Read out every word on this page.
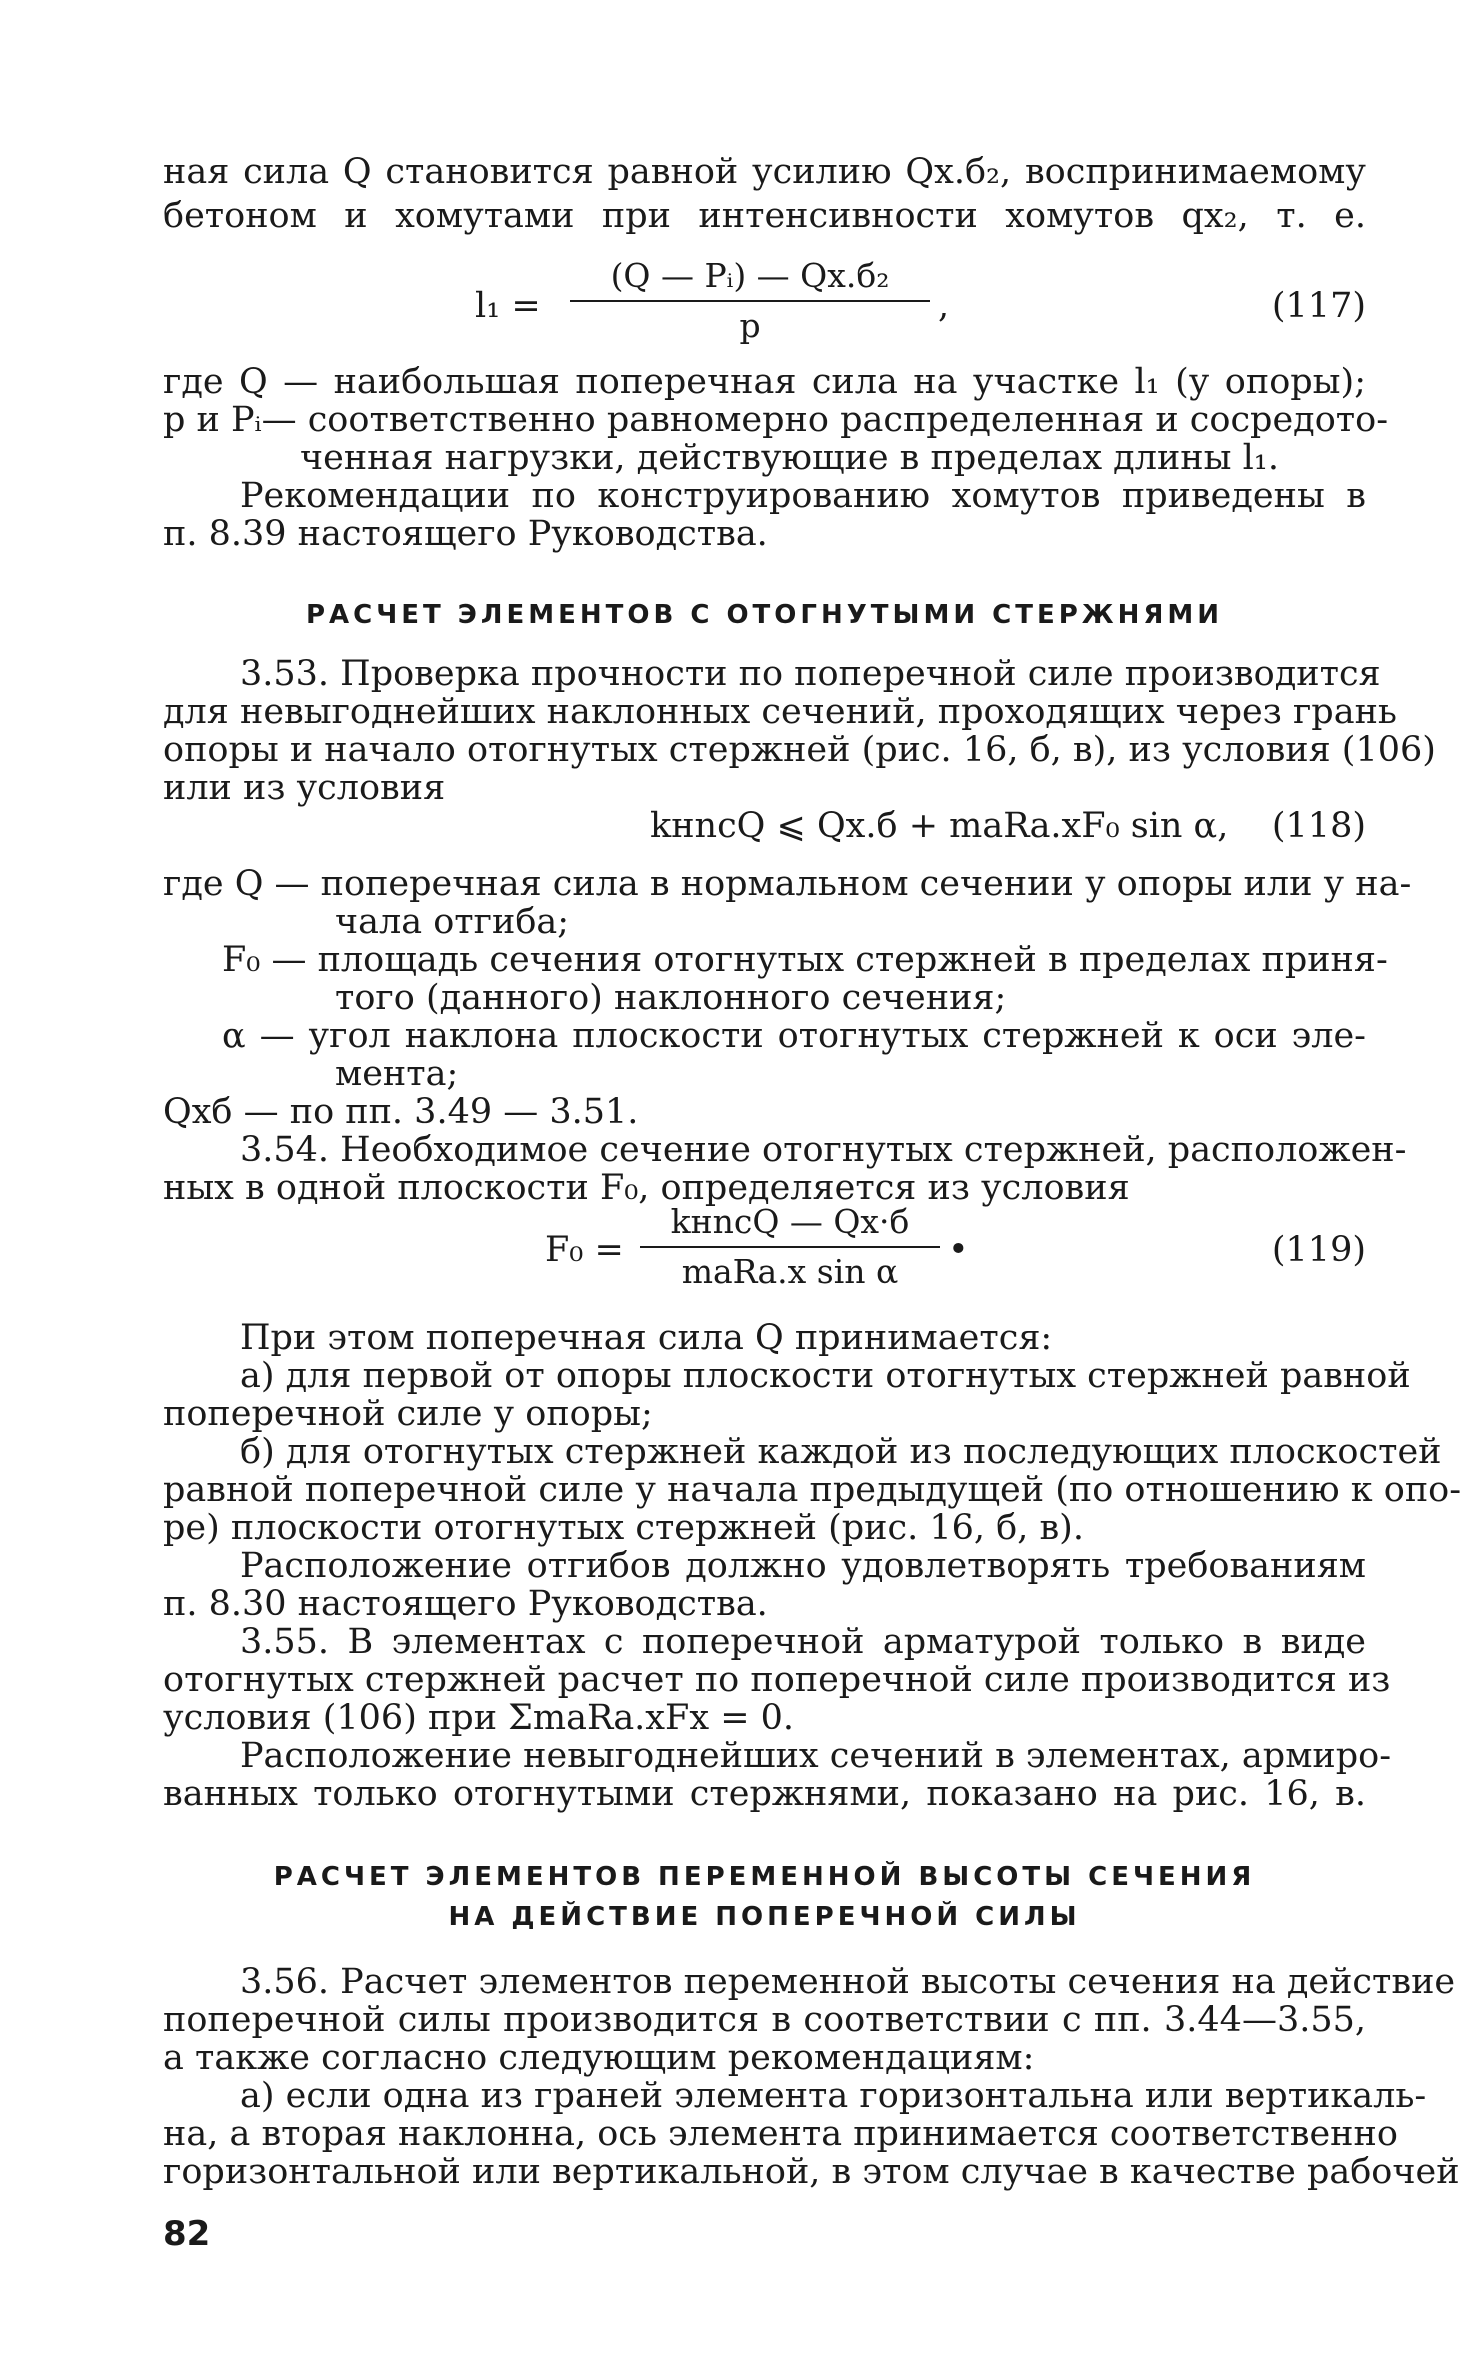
ная сила Q становится равной усилию Qх.б₂, воспринимаемому
бетоном и хомутами при интенсивности хомутов qх₂, т. е.
l₁ =
(Q — Pᵢ) — Qх.б₂
p	,	(117)
где Q — наибольшая поперечная сила на участке l₁ (у опоры);
p и Pᵢ— соответственно равномерно распределенная и сосредото-
ченная нагрузки, действующие в пределах длины l₁.
Рекомендации по конструированию хомутов приведены в
п. 8.39 настоящего Руководства.
РАСЧЕТ ЭЛЕМЕНТОВ С ОТОГНУТЫМИ СТЕРЖНЯМИ
3.53. Проверка прочности по поперечной силе производится
для невыгоднейших наклонных сечений, проходящих через грань
опоры и начало отогнутых стержней (рис. 16, б, в), из условия (106)
или из условия
kнnсQ ⩽ Qх.б + mаRа.хF₀ sin α, (118)
где Q — поперечная сила в нормальном сечении у опоры или у на-
чала отгиба;
F₀ — площадь сечения отогнутых стержней в пределах приня-
того (данного) наклонного сечения;
α — угол наклона плоскости отогнутых стержней к оси эле-
мента;
Qхб — по пп. 3.49 — 3.51.
3.54. Необходимое сечение отогнутых стержней, расположен-
ных в одной плоскости F₀, определяется из условия
F₀ =
kнnсQ — Qх·б
mаRа.х sin α
•	(119)
При этом поперечная сила Q принимается:
а) для первой от опоры плоскости отогнутых стержней равной
поперечной силе у опоры;
б) для отогнутых стержней каждой из последующих плоскостей
равной поперечной силе у начала предыдущей (по отношению к опо-
ре) плоскости отогнутых стержней (рис. 16, б, в).
Расположение отгибов должно удовлетворять требованиям
п. 8.30 настоящего Руководства.
3.55. В элементах с поперечной арматурой только в виде
отогнутых стержней расчет по поперечной силе производится из
условия (106) при ΣmаRа.хFх = 0.
Расположение невыгоднейших сечений в элементах, армиро-
ванных только отогнутыми стержнями, показано на рис. 16, в.
РАСЧЕТ ЭЛЕМЕНТОВ ПЕРЕМЕННОЙ ВЫСОТЫ СЕЧЕНИЯ
НА ДЕЙСТВИЕ ПОПЕРЕЧНОЙ СИЛЫ
3.56. Расчет элементов переменной высоты сечения на действие
поперечной силы производится в соответствии с пп. 3.44—3.55,
а также согласно следующим рекомендациям:
а) если одна из граней элемента горизонтальна или вертикаль-
на, а вторая наклонна, ось элемента принимается соответственно
горизонтальной или вертикальной, в этом случае в качестве рабочей
82
